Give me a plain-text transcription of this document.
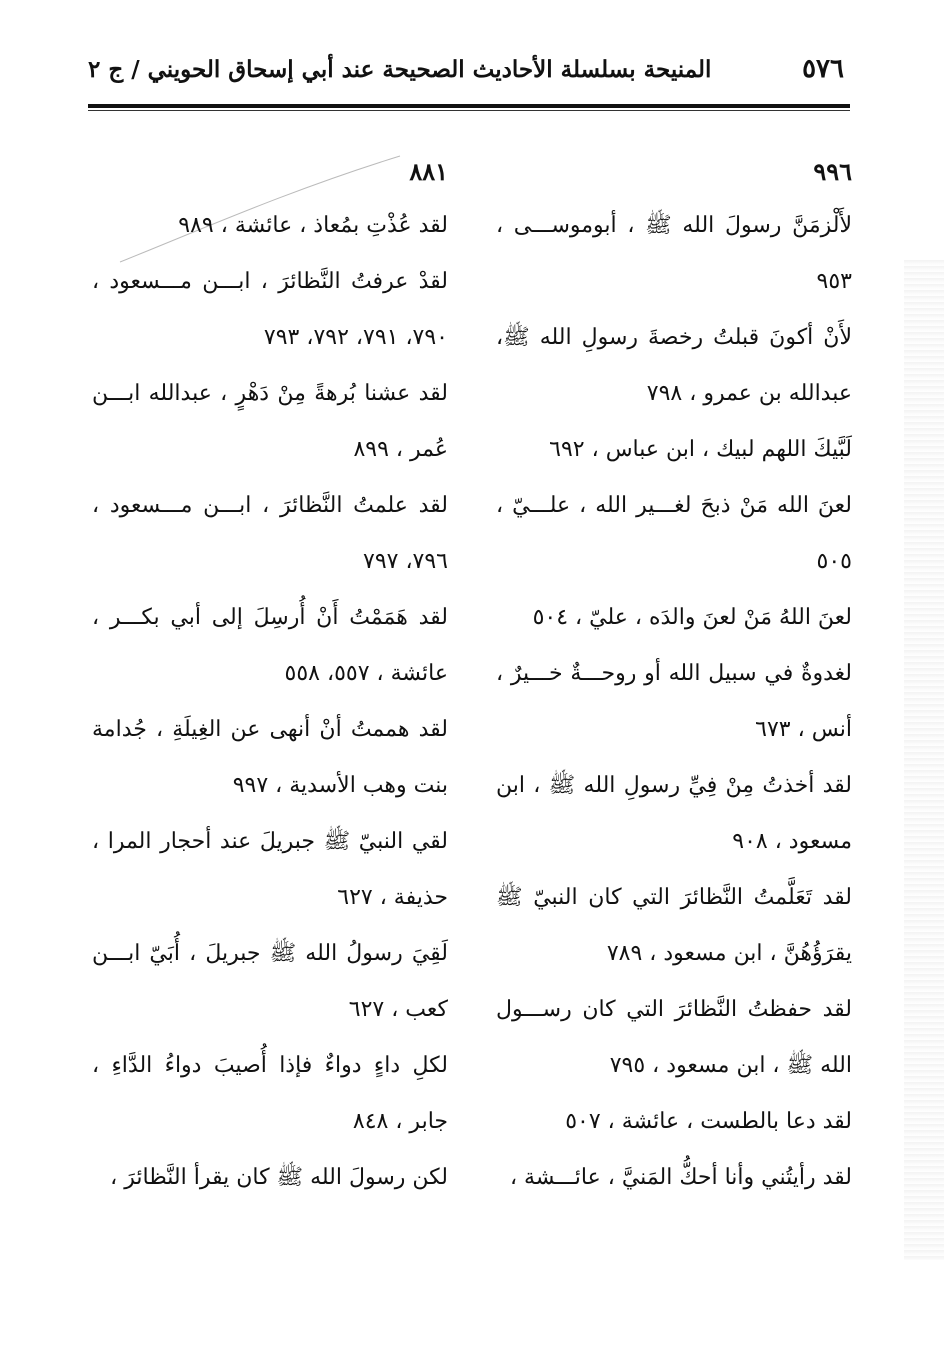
٥٧٦
المنيحة بسلسلة الأحاديث الصحيحة عند أبي إسحاق الحويني / ج ٢
٩٩٦
لأَلْزمَنَّ رسولَ الله ﷺ ، أبوموســـى ، ٩٥٣
لأَنْ أكونَ قبلتُ رخصةَ رسولِ الله ﷺ، عبدالله بن عمرو ، ٧٩٨
لَبَّيكَ اللهم لبيك ، ابن عباس ، ٦٩٢
لعنَ الله مَنْ ذبحَ لغـــير الله ، علـــيّ ، ٥٠٥
لعنَ اللهُ مَنْ لعنَ والدَه ، عليّ ، ٥٠٤
لغدوةٌ في سبيل الله أو روحـــةٌ خـــيرٌ ، أنس ، ٦٧٣
لقد أخذتُ مِنْ فِيِّ رسولِ الله ﷺ ، ابن مسعود ، ٩٠٨
لقد تَعَلَّمتُ النَّظائرَ التي كان النبيّ ﷺ يقرَؤُهُنَّ ، ابن مسعود ، ٧٨٩
لقد حفظتُ النَّظائرَ التي كان رســـول الله ﷺ ، ابن مسعود ، ٧٩٥
لقد دعا بالطست ، عائشة ، ٥٠٧
لقد رأيتُني وأنا أحكُّ المَنيَّ ، عائـــشة ،
٨٨١
لقد عُذْتِ بمُعاذ ، عائشة ، ٩٨٩
لقدْ عرفتُ النَّظائرَ ، ابـــن مـــسعود ، ٧٩٠، ٧٩١، ٧٩٢، ٧٩٣
لقد عشنا بُرهةً مِنْ دَهْرٍ ، عبدالله ابـــن عُمر ، ٨٩٩
لقد علمتُ النَّظائرَ ، ابـــن مـــسعود ، ٧٩٦، ٧٩٧
لقد هَمَمْتُ أَنْ أُرسِلَ إلى أبي بكـــر ، عائشة ، ٥٥٧، ٥٥٨
لقد هممتُ أنْ أنهى عن الغِيلَةِ ، جُدامة بنت وهب الأسدية ، ٩٩٧
لقي النبيّ ﷺ جبريلَ عند أحجار المرا ، حذيفة ، ٦٢٧
لَقِيَ رسولُ الله ﷺ جبريلَ ، أُبَيّ ابـــن كعب ، ٦٢٧
لكلِ داءٍ دواءٌ فإذا أُصيبَ دواءُ الدَّاءِ ، جابر ، ٨٤٨
لكن رسولَ الله ﷺ كان يقرأ النَّظائرَ ،
